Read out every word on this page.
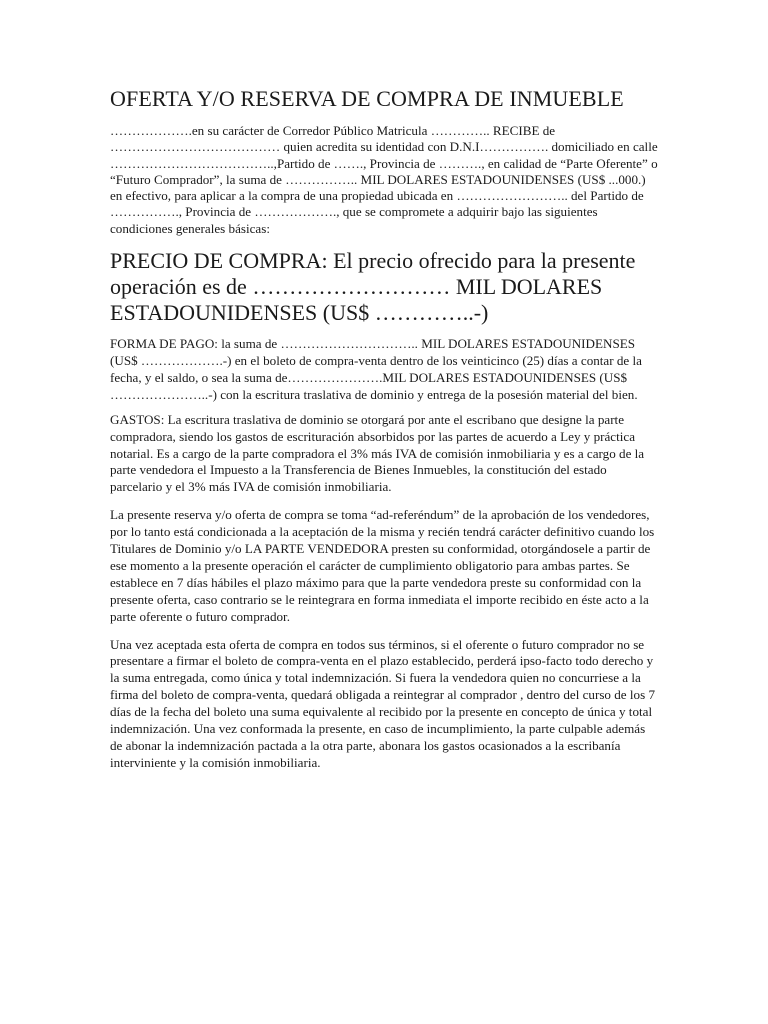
OFERTA Y/O RESERVA DE COMPRA DE INMUEBLE

……………….en su carácter de Corredor Público Matricula ………….. RECIBE de ………………………………… quien acredita su identidad con D.N.I……………. domiciliado en calle ………………………………..,Partido de ……., Provincia de ………., en calidad de “Parte Oferente” o “Futuro Comprador”, la suma de …………….. MIL DOLARES ESTADOUNIDENSES (US$ ...000.) en efectivo, para aplicar a la compra de una propiedad ubicada en …………………….. del Partido de ……………., Provincia de ………………., que se compromete a adquirir bajo las siguientes condiciones generales básicas:

PRECIO DE COMPRA: El precio ofrecido para la presente operación es de ……………………… MIL DOLARES ESTADOUNIDENSES (US$ …………..-)

FORMA DE PAGO: la suma de ………………………….. MIL DOLARES ESTADOUNIDENSES (US$ ……………….-) en el boleto de compra-venta dentro de los veinticinco (25) días a contar de la fecha, y el saldo, o sea la suma de………………….MIL DOLARES ESTADOUNIDENSES (US$ …………………..-) con la escritura traslativa de dominio y entrega de la posesión material del bien.

GASTOS: La escritura traslativa de dominio se otorgará por ante el escribano que designe la parte compradora, siendo los gastos de escrituración absorbidos por las partes de acuerdo a Ley y práctica notarial. Es a cargo de la parte compradora el 3% más IVA de comisión inmobiliaria y es a cargo de la parte vendedora el Impuesto a la Transferencia de Bienes Inmuebles, la constitución del estado parcelario y el 3% más IVA de comisión inmobiliaria.

La presente reserva y/o oferta de compra se toma “ad-referéndum” de la aprobación de los vendedores, por lo tanto está condicionada a la aceptación de la misma y recién tendrá carácter definitivo cuando los Titulares de Dominio y/o LA PARTE VENDEDORA presten su conformidad, otorgándosele a partir de ese momento a la presente operación el carácter de cumplimiento obligatorio para ambas partes. Se establece en 7 días hábiles el plazo máximo para que la parte vendedora preste su conformidad con la presente oferta, caso contrario se le reintegrara en forma inmediata el importe recibido en éste acto a la parte oferente o futuro comprador.

Una vez aceptada esta oferta de compra en todos sus términos, si el oferente o futuro comprador no se presentare a firmar el boleto de compra-venta en el plazo establecido, perderá ipso-facto todo derecho y la suma entregada, como única y total indemnización. Si fuera la vendedora quien no concurriese a la firma del boleto de compra-venta, quedará obligada a reintegrar al comprador , dentro del curso de los 7 días de la fecha del boleto una suma equivalente al recibido por la presente en concepto de única y total indemnización. Una vez conformada la presente, en caso de incumplimiento, la parte culpable además de abonar la indemnización pactada a la otra parte, abonara los gastos ocasionados a la escribanía interviniente y la comisión inmobiliaria.
